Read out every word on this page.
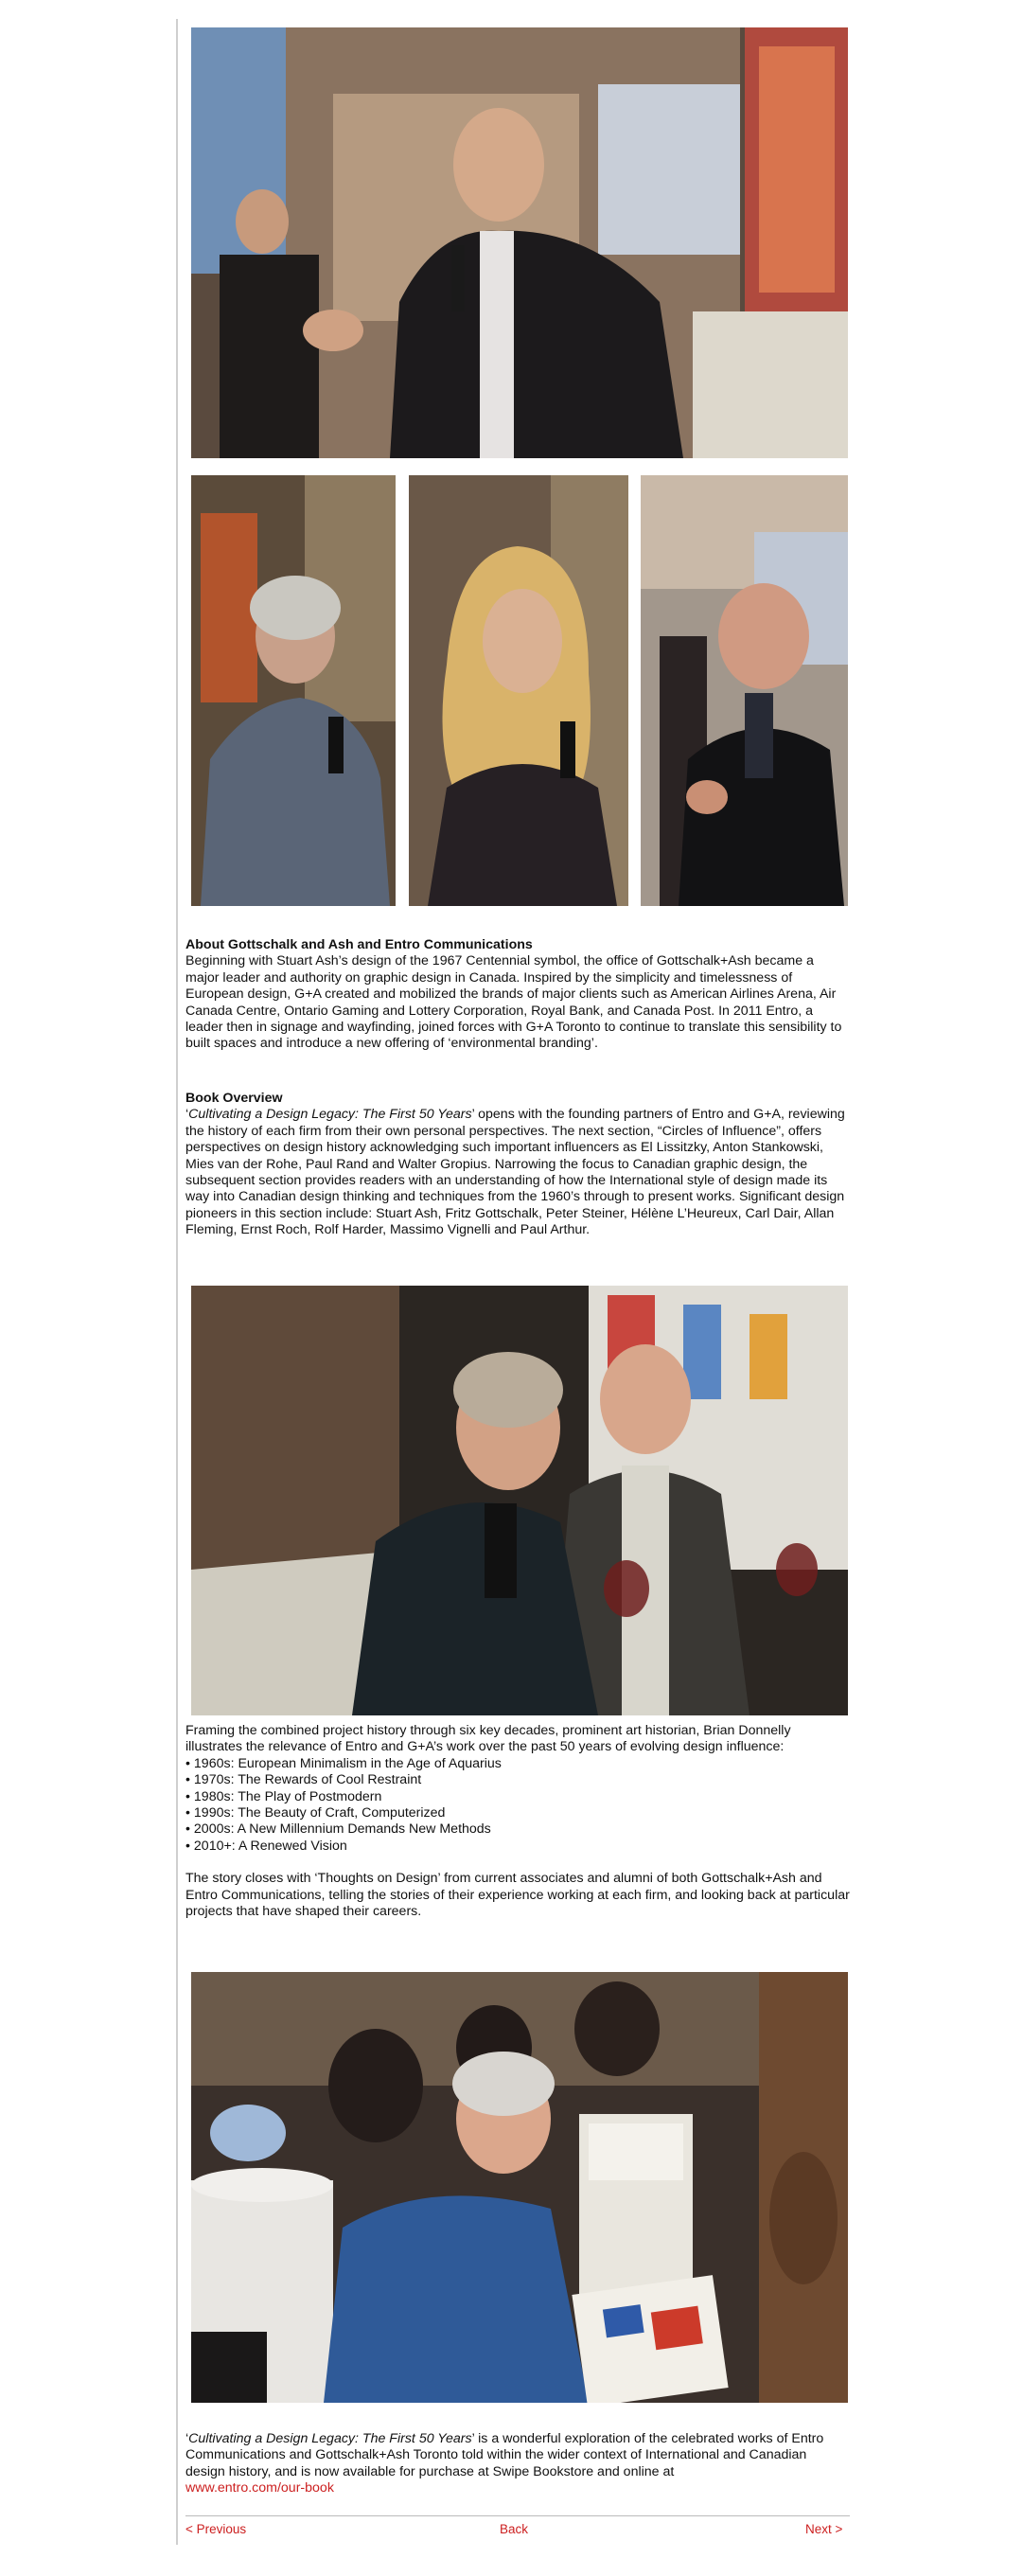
About Gottschalk and Ash and Entro Communications

Beginning with Stuart Ash’s design of the 1967 Centennial symbol, the office of Gottschalk+Ash became a major leader and authority on graphic design in Canada. Inspired by the simplicity and timelessness of European design, G+A created and mobilized the brands of major clients such as American Airlines Arena, Air Canada Centre, Ontario Gaming and Lottery Corporation, Royal Bank, and Canada Post. In 2011 Entro, a leader then in signage and wayfinding, joined forces with G+A Toronto to continue to translate this sensibility to built spaces and introduce a new offering of ‘environmental branding’.

Book Overview

‘Cultivating a Design Legacy: The First 50 Years’ opens with the founding partners of Entro and G+A, reviewing the history of each firm from their own personal perspectives. The next section, “Circles of Influence”, offers perspectives on design history acknowledging such important influencers as El Lissitzky, Anton Stankowski, Mies van der Rohe, Paul Rand and Walter Gropius. Narrowing the focus to Canadian graphic design, the subsequent section provides readers with an understanding of how the International style of design made its way into Canadian design thinking and techniques from the 1960’s through to present works. Significant design pioneers in this section include: Stuart Ash, Fritz Gottschalk, Peter Steiner, Hélène L’Heureux, Carl Dair, Allan Fleming, Ernst Roch, Rolf Harder, Massimo Vignelli and Paul Arthur.

Framing the combined project history through six key decades, prominent art historian, Brian Donnelly illustrates the relevance of Entro and G+A’s work over the past 50 years of evolving design influence:

• 1960s: European Minimalism in the Age of Aquarius
• 1970s: The Rewards of Cool Restraint
• 1980s: The Play of Postmodern
• 1990s: The Beauty of Craft, Computerized
• 2000s: A New Millennium Demands New Methods
• 2010+: A Renewed Vision

The story closes with ‘Thoughts on Design’ from current associates and alumni of both Gottschalk+Ash and Entro Communications, telling the stories of their experience working at each firm, and looking back at particular projects that have shaped their careers.

‘Cultivating a Design Legacy: The First 50 Years’ is a wonderful exploration of the celebrated works of Entro Communications and Gottschalk+Ash Toronto told within the wider context of International and Canadian design history, and is now available for purchase at Swipe Bookstore and online at
www.entro.com/our-book

< Previous	Back	Next >
